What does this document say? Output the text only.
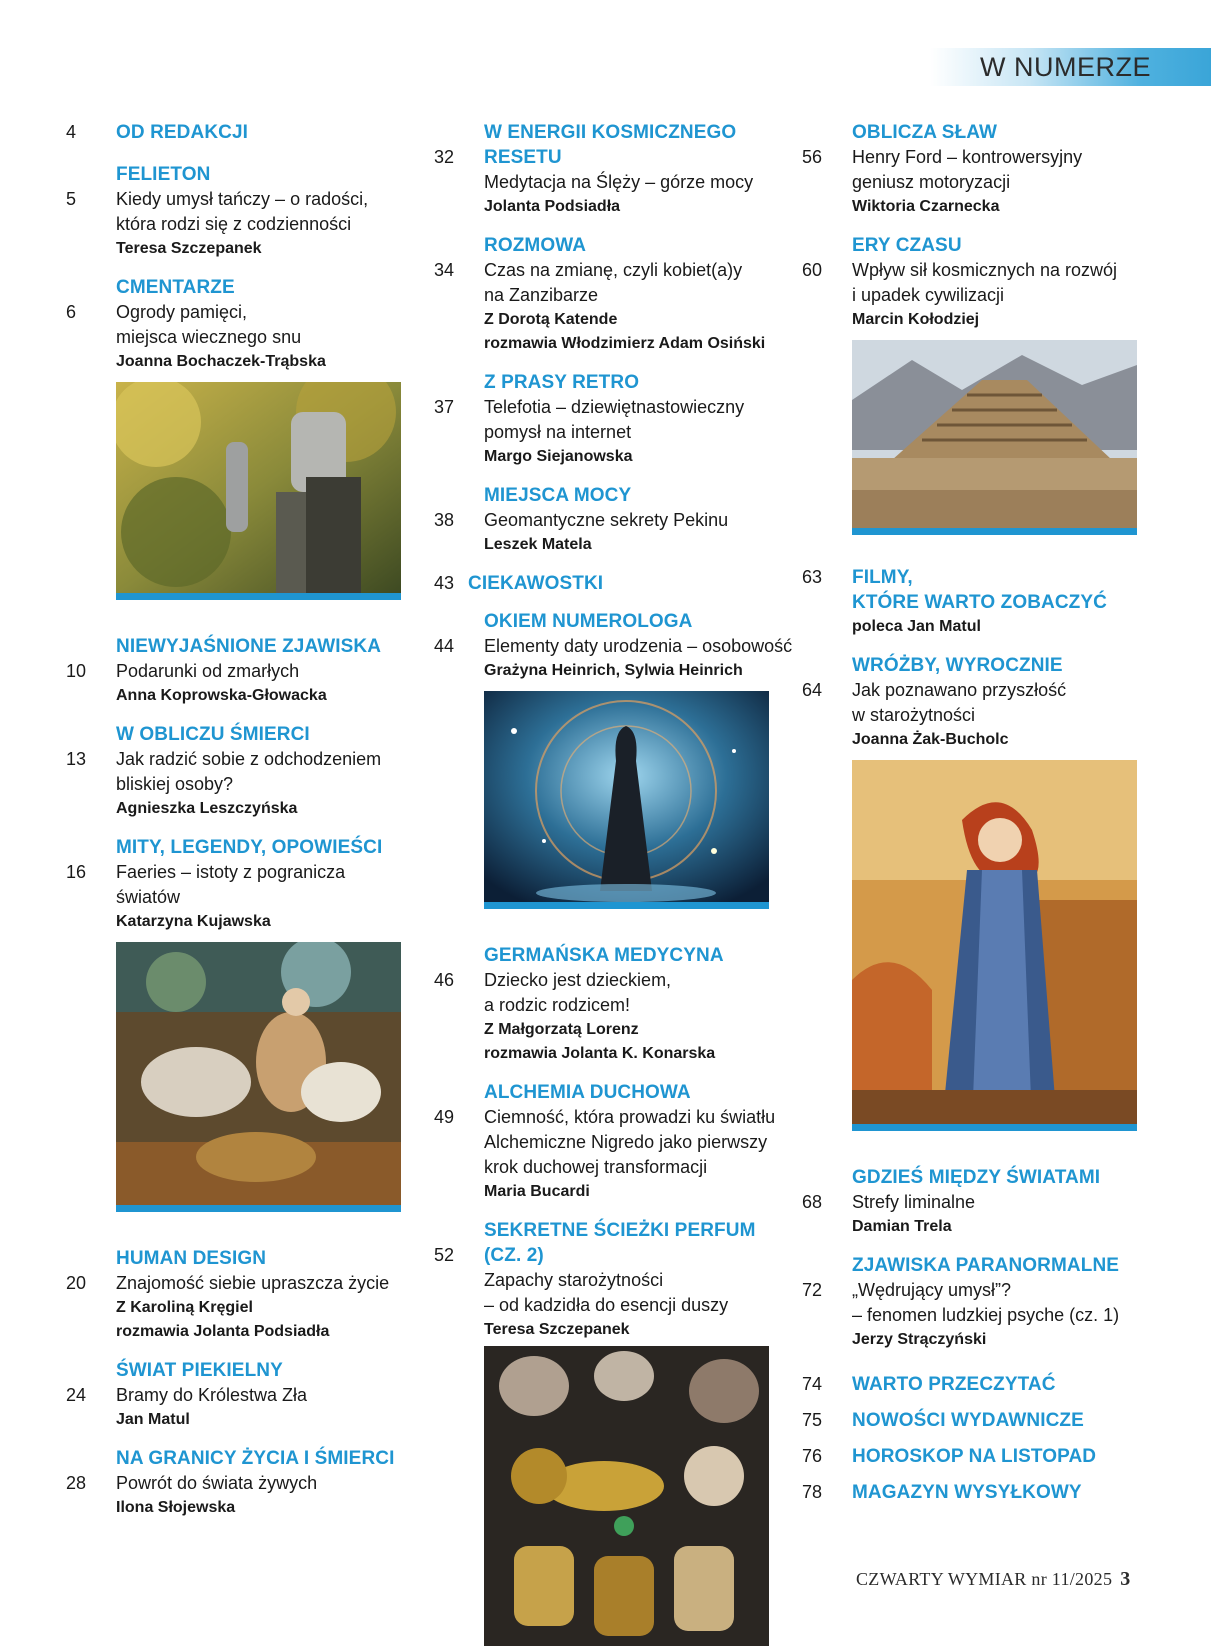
W NUMERZE
4 OD REDAKCJI
FELIETON
5 Kiedy umysł tańczy – o radości,
która rodzi się z codzienności
Teresa Szczepanek
CMENTARZE
6 Ogrody pamięci,
miejsca wiecznego snu
Joanna Bochaczek-Trąbska
NIEWYJAŚNIONE ZJAWISKA
10 Podarunki od zmarłych
Anna Koprowska-Głowacka
W OBLICZU ŚMIERCI
13 Jak radzić sobie z odchodzeniem
bliskiej osoby?
Agnieszka Leszczyńska
MITY, LEGENDY, OPOWIEŚCI
16 Faeries – istoty z pogranicza światów
Katarzyna Kujawska
HUMAN DESIGN
20 Znajomość siebie upraszcza życie
Z Karoliną Kręgiel
rozmawia Jolanta Podsiadła
ŚWIAT PIEKIELNY
24 Bramy do Królestwa Zła
Jan Matul
NA GRANICY ŻYCIA I ŚMIERCI
28 Powrót do świata żywych
Ilona Słojewska
W ENERGII KOSMICZNEGO RESETU
32
Medytacja na Ślęży – górze mocy
Jolanta Podsiadła
ROZMOWA
34 Czas na zmianę, czyli kobiet(a)y
na Zanzibarze
Z Dorotą Katende
rozmawia Włodzimierz Adam Osiński
Z PRASY RETRO
37 Telefotia – dziewiętnastowieczny
pomysł na internet
Margo Siejanowska
MIEJSCA MOCY
38 Geomantyczne sekrety Pekinu
Leszek Matela
43 CIEKAWOSTKI
OKIEM NUMEROLOGA
44 Elementy daty urodzenia – osobowość
Grażyna Heinrich, Sylwia Heinrich
GERMAŃSKA MEDYCYNA
46 Dziecko jest dzieckiem,
a rodzic rodzicem!
Z Małgorzatą Lorenz
rozmawia Jolanta K. Konarska
ALCHEMIA DUCHOWA
49 Ciemność, która prowadzi ku światłu
Alchemiczne Nigredo jako pierwszy
krok duchowej transformacji
Maria Bucardi
SEKRETNE ŚCIEŻKI PERFUM (CZ. 2)
52
Zapachy starożytności
– od kadzidła do esencji duszy
Teresa Szczepanek
OBLICZA SŁAW
56 Henry Ford – kontrowersyjny
geniusz motoryzacji
Wiktoria Czarnecka
ERY CZASU
60 Wpływ sił kosmicznych na rozwój
i upadek cywilizacji
Marcin Kołodziej
63 FILMY,
KTÓRE WARTO ZOBACZYĆ
poleca Jan Matul
WRÓŻBY, WYROCZNIE
64 Jak poznawano przyszłość
w starożytności
Joanna Żak-Bucholc
GDZIEŚ MIĘDZY ŚWIATAMI
68 Strefy liminalne
Damian Trela
ZJAWISKA PARANORMALNE
72 „Wędrujący umysł”?
– fenomen ludzkiej psyche (cz. 1)
Jerzy Strączyński
74 WARTO PRZECZYTAĆ
75 NOWOŚCI WYDAWNICZE
76 HOROSKOP NA LISTOPAD
78 MAGAZYN WYSYŁKOWY
CZWARTY WYMIAR nr 11/2025 3
